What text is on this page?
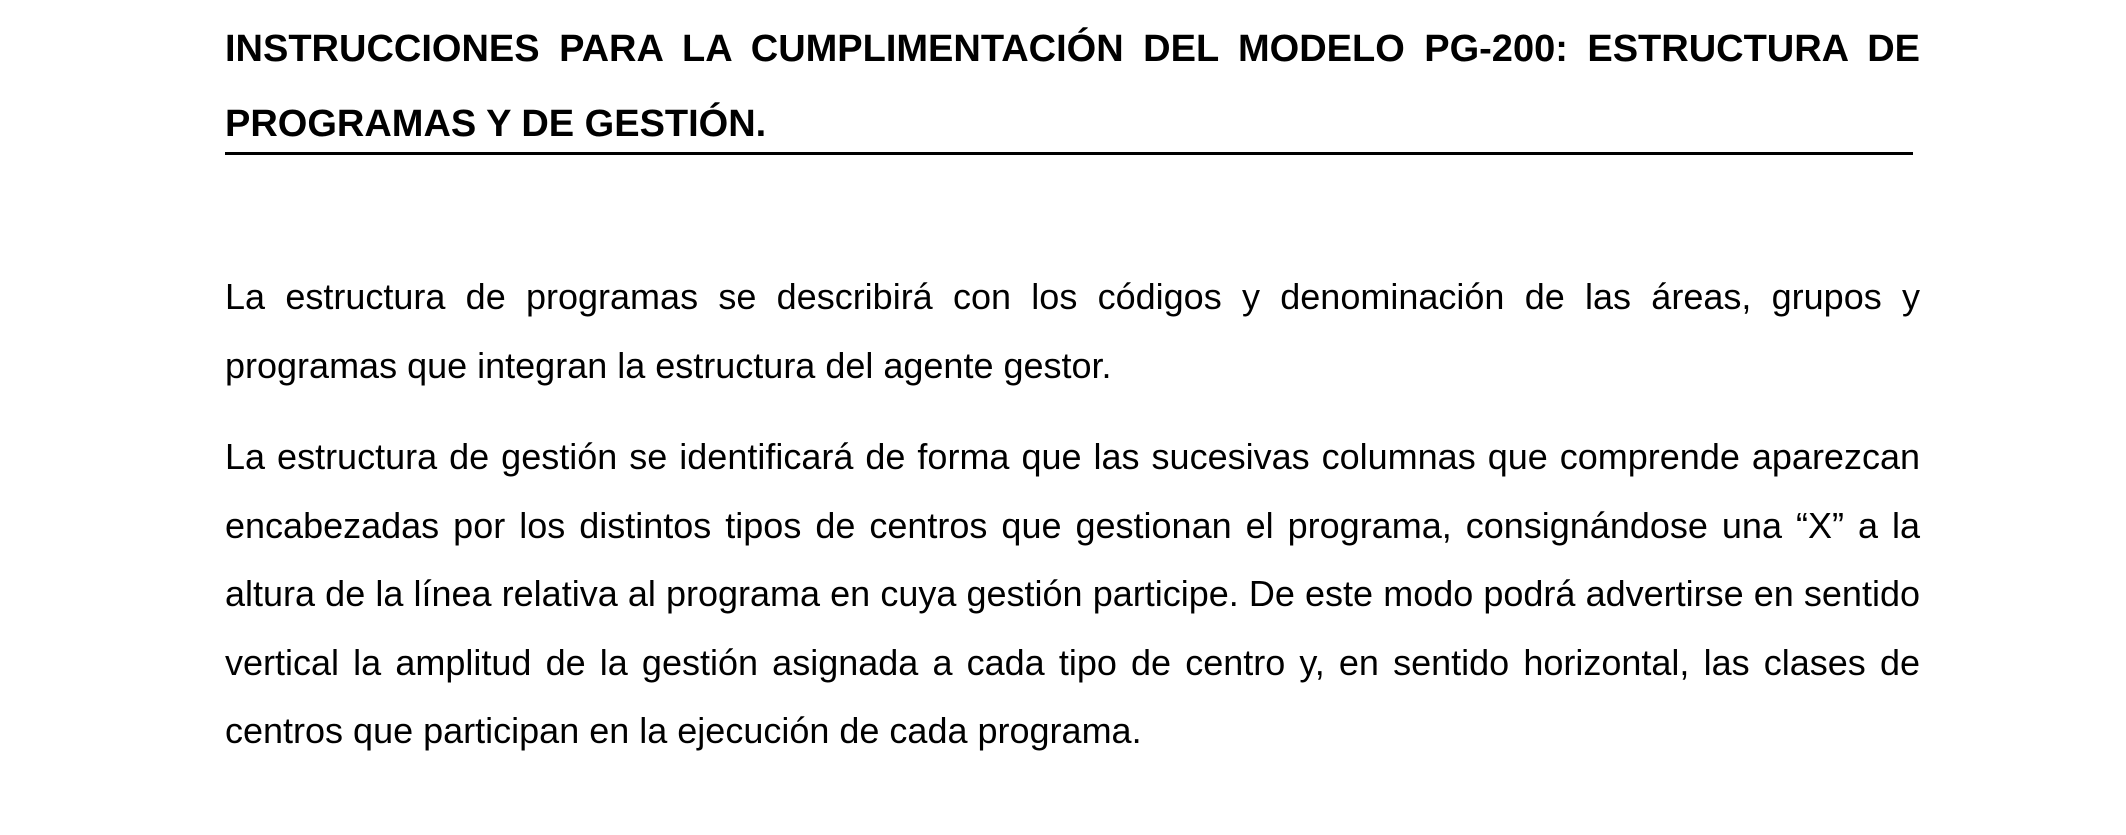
INSTRUCCIONES PARA LA CUMPLIMENTACIÓN DEL MODELO PG-200: ESTRUCTURA DE PROGRAMAS Y DE GESTIÓN.

La estructura de programas se describirá con los códigos y denominación de las áreas, grupos y programas que integran la estructura del agente gestor.

La estructura de gestión se identificará de forma que las sucesivas columnas que comprende aparezcan encabezadas por los distintos tipos de centros que gestionan el programa, consignándose una “X” a la altura de la línea relativa al programa en cuya gestión participe. De este modo podrá advertirse en sentido vertical la amplitud de la gestión asignada a cada tipo de centro y, en sentido horizontal, las clases de centros que participan en la ejecución de cada programa.
